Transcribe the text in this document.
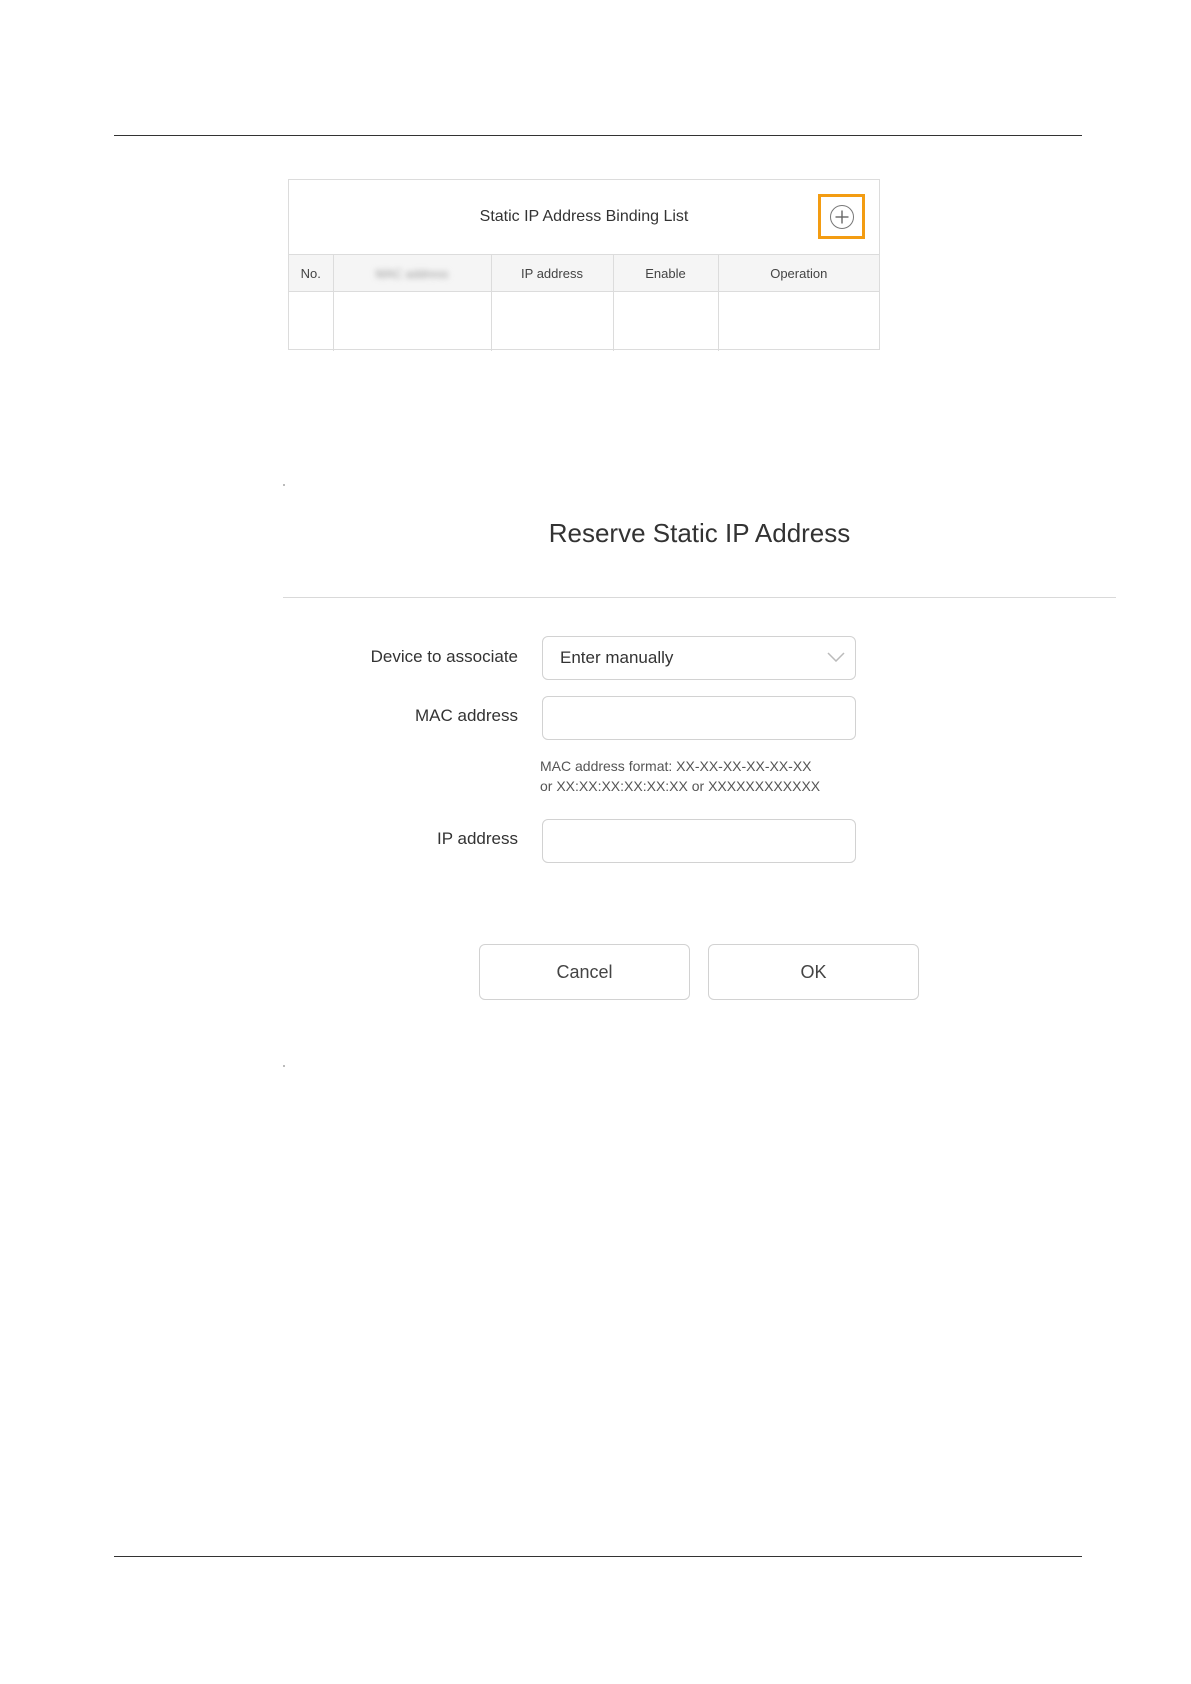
Static IP Address Binding List
No.	MAC address	IP address	Enable	Operation

Reserve Static IP Address
Device to associate Enter manually
MAC address
MAC address format: XX-XX-XX-XX-XX-XX
or XX:XX:XX:XX:XX:XX or XXXXXXXXXXXX
IP address
Cancel	OK
